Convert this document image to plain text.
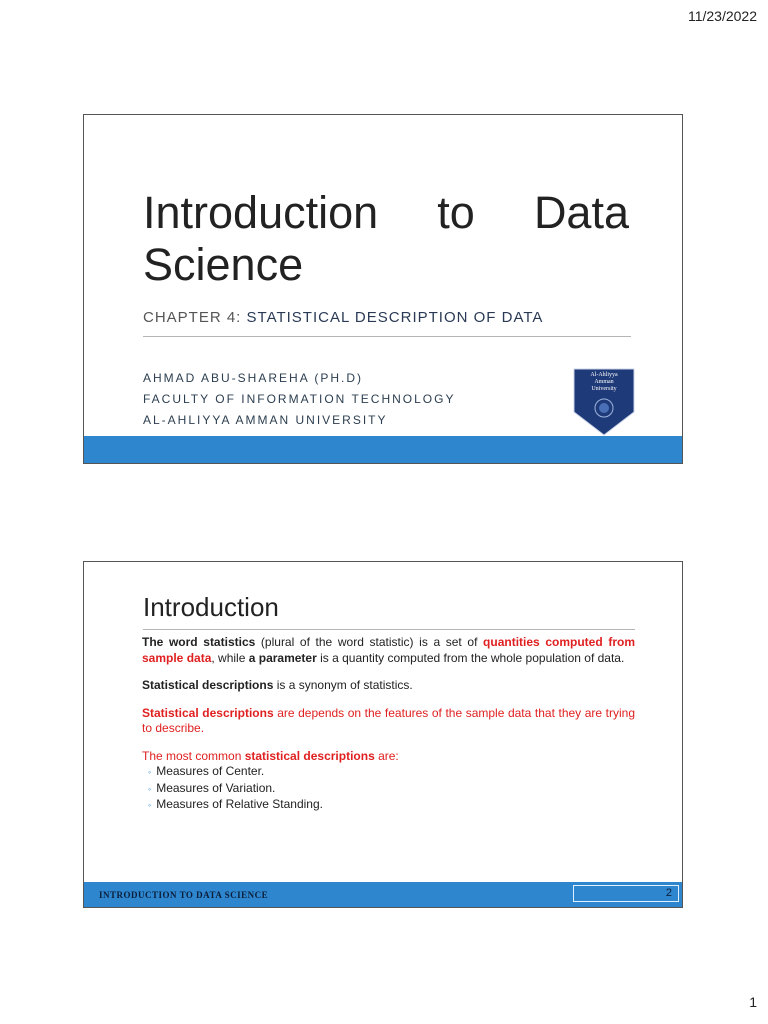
11/23/2022
Introduction to Data
Science
CHAPTER 4: STATISTICAL DESCRIPTION OF DATA
AHMAD ABU-SHAREHA (PH.D)
FACULTY OF INFORMATION TECHNOLOGY
AL-AHLIYYA AMMAN UNIVERSITY
Al-Ahliyya
Amman
University
Introduction

The word statistics (plural of the word statistic) is a set of quantities computed from sample data, while a parameter is a quantity computed from the whole population of data.

Statistical descriptions is a synonym of statistics.

Statistical descriptions are depends on the features of the sample data that they are trying to describe.

The most common statistical descriptions are:

◦ Measures of Center.
◦ Measures of Variation.
◦ Measures of Relative Standing.
INTRODUCTION TO DATA SCIENCE	2
1
